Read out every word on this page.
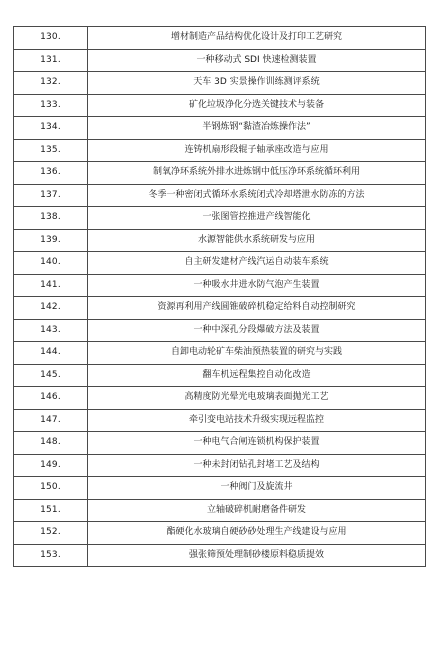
130.	增材制造产品结构优化设计及打印工艺研究
131.	一种移动式 SDI 快速检测装置
132.	天车 3D 实景操作训练测评系统
133.	矿化垃圾净化分选关键技术与装备
134.	半钢炼钢“黏渣冶炼操作法”
135.	连铸机扇形段辊子轴承座改造与应用
136.	制氧净环系统外排水进炼钢中低压净环系统循环利用
137.	冬季一种密闭式循环水系统闭式冷却塔泄水防冻的方法
138.	一张图管控推进产线智能化
139.	水源智能供水系统研发与应用
140.	自主研发建材产线汽运自动装车系统
141.	一种吸水井进水防气泡产生装置
142.	资源再利用产线圆锥破碎机稳定给料自动控制研究
143.	一种中深孔分段爆破方法及装置
144.	自卸电动轮矿车柴油预热装置的研究与实践
145.	翻车机远程集控自动化改造
146.	高精度防光晕光电玻璃表面抛光工艺
147.	牵引变电站技术升级实现远程监控
148.	一种电气合闸连锁机构保护装置
149.	一种未封闭钻孔封堵工艺及结构
150.	一种阀门及旋流井
151.	立轴破碎机耐磨备件研发
152.	酯硬化水玻璃自硬砂砂处理生产线建设与应用
153.	强张筛预处理制砂楼原料稳质提效
